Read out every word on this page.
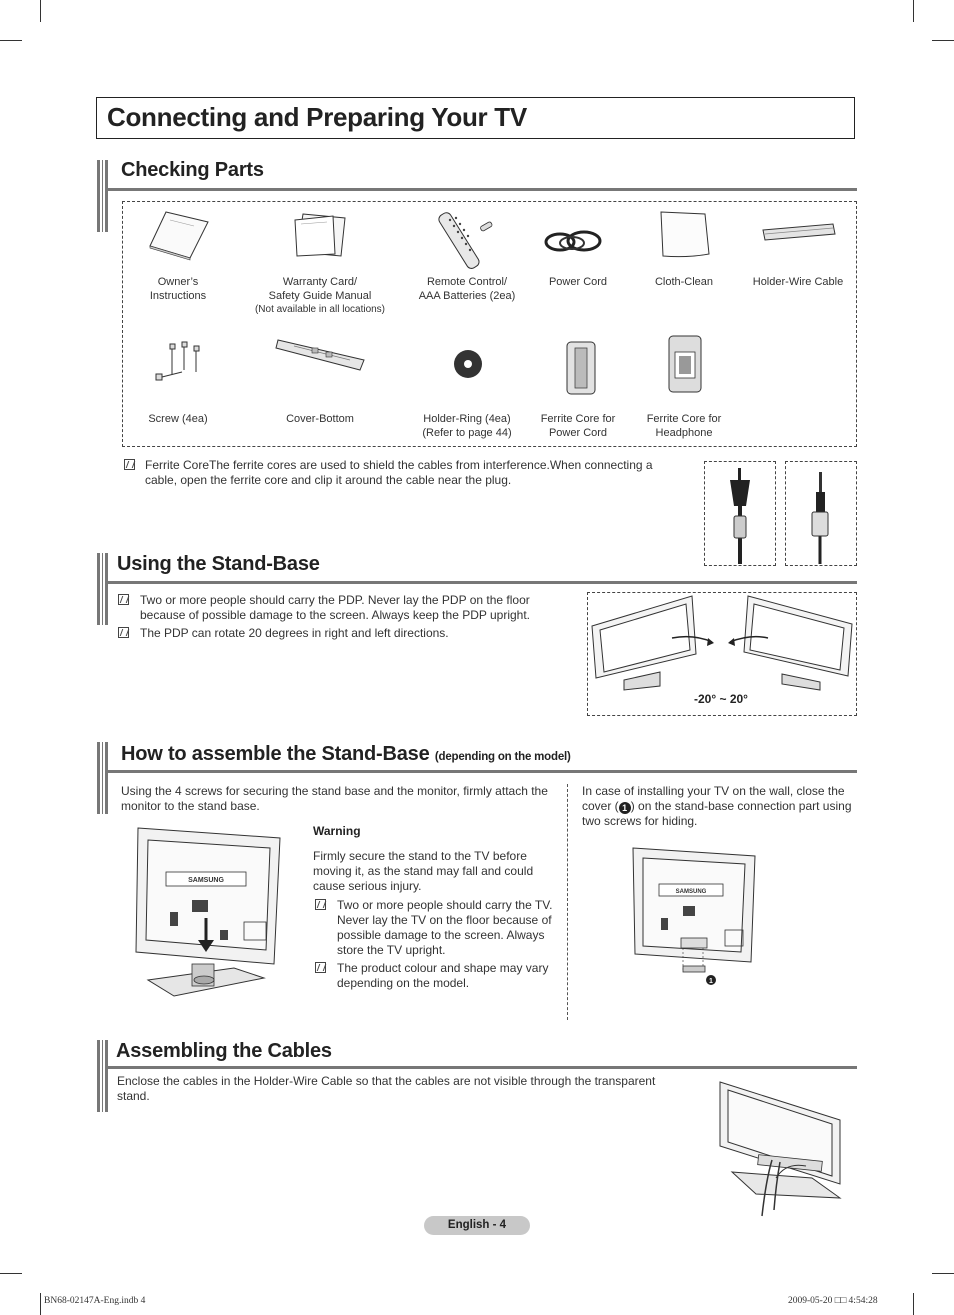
Connecting and Preparing Your TV
Checking Parts
Owner’s
Instructions
Warranty Card/
Safety Guide Manual
(Not available in all locations)
Remote Control/
AAA Batteries (2ea)
Power Cord	Cloth-Clean	Holder-Wire Cable
Screw (4ea)	Cover-Bottom	Holder-Ring (4ea)
(Refer to page 44)
Ferrite Core for
Power Cord
Ferrite Core for
Headphone
Ferrite CoreThe ferrite cores are used to shield the cables from interference.When connecting a cable, open the ferrite core and clip it around the cable near the plug.
Using the Stand-Base
Two or more people should carry the PDP. Never lay the PDP on the floor because of possible damage to the screen. Always keep the PDP upright.
The PDP can rotate 20 degrees in right and left directions.
-20° ~ 20°
How to assemble the Stand-Base (depending on the model)
Using the 4 screws for securing the stand base and the monitor, firmly attach the monitor to the stand base.
SAMSUNG
Warning
Firmly secure the stand to the TV before moving it, as the stand may fall and could cause serious injury.
Two or more people should carry the TV. Never lay the TV on the floor because of possible damage to the screen. Always store the TV upright.
The product colour and shape may vary depending on the model.
In case of installing your TV on the wall, close the cover ( 1 ) on the stand-base connection part using two screws for hiding.
SAMSUNG
1
Assembling the Cables
Enclose the cables in the Holder-Wire Cable so that the cables are not visible through the transparent stand.
English - 4
BN68-02147A-Eng.indb 4	2009-05-20 □□ 4:54:28
